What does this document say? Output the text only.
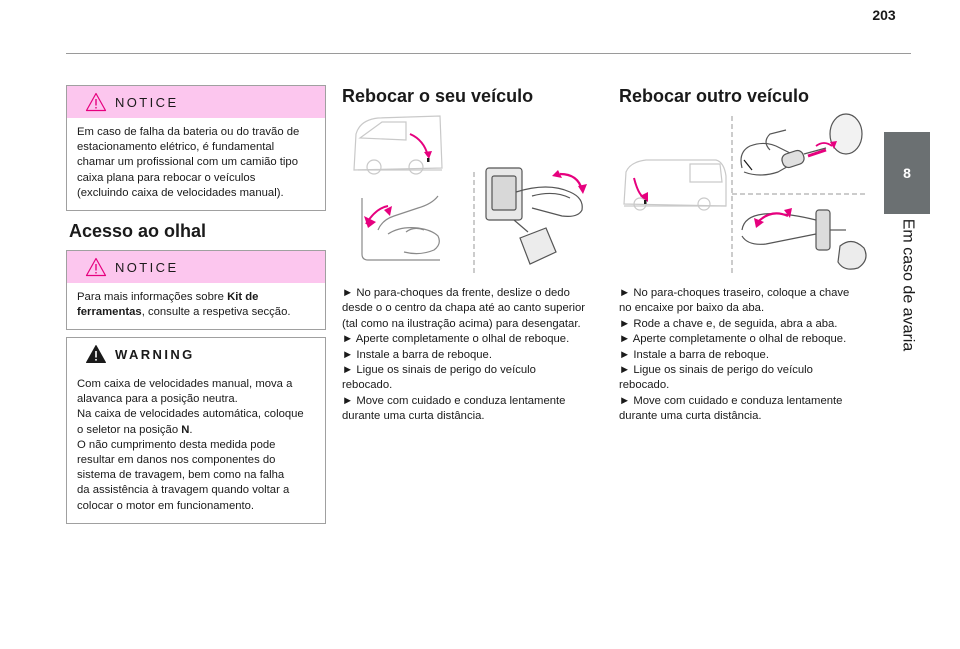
203
8
Em caso de avaria
NOTICE

Em caso de falha da bateria ou do travão de

estacionamento elétrico, é fundamental

chamar um profissional com um camião tipo

caixa plana para rebocar o veículos

(excluindo caixa de velocidades manual).

Acesso ao olhal
NOTICE

Para mais informações sobre Kit de

ferramentas, consulte a respetiva secção.

WARNING

Com caixa de velocidades manual, mova a

alavanca para a posição neutra.

Na caixa de velocidades automática, coloque

o seletor na posição N.

O não cumprimento desta medida pode

resultar em danos nos componentes do

sistema de travagem, bem como na falha

da assistência à travagem quando voltar a

colocar o motor em funcionamento.

Rebocar o seu veículo

► No para-choques da frente, deslize o dedo

desde o o centro da chapa até ao canto superior

(tal como na ilustração acima) para desengatar.

► Aperte completamente o olhal de reboque.

► Instale a barra de reboque.

► Ligue os sinais de perigo do veículo

rebocado.

► Move com cuidado e conduza lentamente

durante uma curta distância.

Rebocar outro veículo

► No para-choques traseiro, coloque a chave

no encaixe por baixo da aba.

► Rode a chave e, de seguida, abra a aba.

► Aperte completamente o olhal de reboque.

► Instale a barra de reboque.

► Ligue os sinais de perigo do veículo

rebocado.

► Move com cuidado e conduza lentamente

durante uma curta distância.
